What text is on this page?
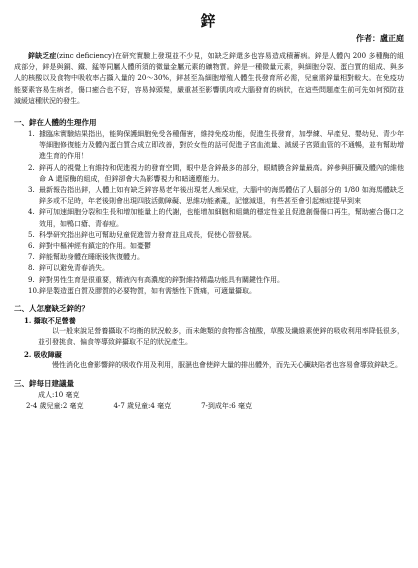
鋅
作者：盧正庭

鋅缺乏症(zinc deficiency)在研究實驗上發現並不少見，如缺乏鋅還多也容易造成積蓄病。鋅是人體內 200 多種酶的組成部分，鋅是與銅、鐵、錳等同屬人體所須的微量金屬元素的礦物質。鋅是一種微量元素，與細胞分裂、蛋白質的組成、與多人的核酸以及食物中吸收率占攝入量的 20～30%，鋅甚至為細胞增殖人體生長發育所必需，兒童需鋅量相對較大。在免疫功能要素容易生病者，傷口癒合也不好，容易掉頭髮，嚴重甚至影響肌肉或大腦發育的病狀，在這些問題產生前可先如何預防並減緩這種狀況的發生。

一、鋅在人體的生理作用
1. 據臨床實驗結果指出，能夠保護細胞免受各種傷害，維持免疫功能，促進生長發育，加學練、早產兒、嬰幼兒、青少年等細胞修復能力及體內蛋白質合成立即改善，對於女性的話可促進子宮血流量、減緩子宮頸血管的不通暢，並有幫助增進生育的作用！
2. 鋅再人的視覺上有維持和促進視力的發育空間，眼中是含鋅最多的部分，眼睛膜含鋅量最高。鋅參與肝臟及體內的維他命 A 還原酶的組成，但鋅卻會大為影響視力和暗適應能力。
3. 最新報告指出鋅，人體上如有缺乏鋅容易老年後出現老人痴呆症，大腦中的海馬體佔了人腦部分的 1/80 如海馬體缺乏鋅多或不足時，年老後則會出現四肢活動障礙、思維功能紊亂，記憶減退，有些甚至會引起痴症提早到來
4. 鋅可加速細胞分裂和生長和增加能量上的代謝，也能增加細胞和組織的穩定性並且促進創傷傷口再生，幫助癒合傷口之效用，如鴨口瘡、青春痘。
5. 科學研究指出鋅也可幫助兒童促進智力發育並且成長，促使心智發展。
6. 鋅對中樞神經有鎮定的作用。如憂鬱
7. 鋅能幫助身體在睡眠後恢復體力。
8. 鋅可以避免青春消失。
9. 鋅對男性生育是很重要，精液內有高濃度的鋅對維持精蟲功能具有關鍵性作用。
10. 鋅是製造蛋白質及膠質的必要物質，如有需態性下貨痛，可適量攝取。
二、人怎麼缺乏鋅的？
1. 攝取不足營養

以一般來說足營養攝取不均衡的狀況較多，而未飽類的食物都含植酸，草酸及纖維素使鋅的吸收利用率降低很多，並引發挑食、偏食等導致鋅攝取不足的狀況產生。

2. 吸收障礙

慢性消化也會影響鋅的吸收作用及利用，服濕也會使鋅大量的排出體外，而先天心臟缺陷者也容易會導致鋅缺乏。

三、鋅每日建議量
成人:10 毫克
2-4 歲兒童:2 毫克	4-7 歲兒童:4 毫克	7-到成年:6 毫克
